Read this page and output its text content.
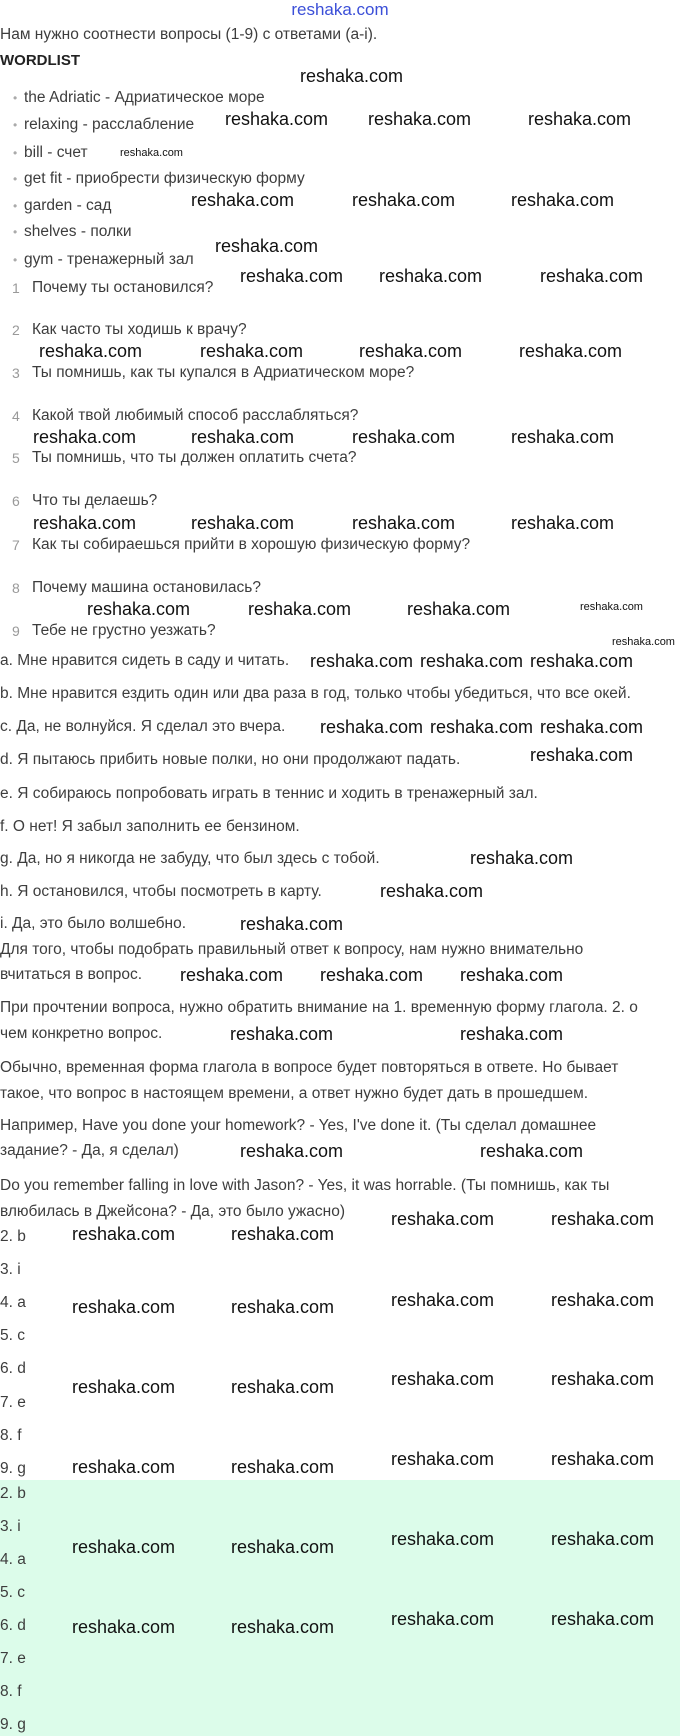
reshaka.com
Нам нужно соотнести вопросы (1-9) с ответами (a-i).
WORDLIST
• the Adriatic - Адриатическое море
• relaxing - расслабление
• bill - счет
• get fit - приобрести физическую форму
• garden - сад
• shelves - полки
• gym - тренажерный зал
1 Почему ты остановился?
2 Как часто ты ходишь к врачу?
3 Ты помнишь, как ты купался в Адриатическом море?
4 Какой твой любимый способ расслабляться?
5 Ты помнишь, что ты должен оплатить счета?
6 Что ты делаешь?
7 Как ты собираешься прийти в хорошую физическую форму?
8 Почему машина остановилась?
9 Тебе не грустно уезжать?
a. Мне нравится сидеть в саду и читать.
b. Мне нравится ездить один или два раза в год, только чтобы убедиться, что все окей.
c. Да, не волнуйся. Я сделал это вчера.
d. Я пытаюсь прибить новые полки, но они продолжают падать.
e. Я собираюсь попробовать играть в теннис и ходить в тренажерный зал.
f. О нет! Я забыл заполнить ее бензином.
g. Да, но я никогда не забуду, что был здесь с тобой.
h. Я остановился, чтобы посмотреть в карту.
i. Да, это было волшебно.
Для того, чтобы подобрать правильный ответ к вопросу, нам нужно внимательно
вчитаться в вопрос.
При прочтении вопроса, нужно обратить внимание на 1. временную форму глагола. 2. о
чем конкретно вопрос.
Обычно, временная форма глагола в вопросе будет повторяться в ответе. Но бывает
такое, что вопрос в настоящем времени, а ответ нужно будет дать в прошедшем.
Например, Have you done your homework? - Yes, I've done it. (Ты сделал домашнее
задание? - Да, я сделал)
Do you remember falling in love with Jason? - Yes, it was horrable. (Ты помнишь, как ты
влюбилась в Джейсона? - Да, это было ужасно)
2. b
3. i
4. a
5. c
6. d
7. e
8. f
9. g
2. b
3. i
4. a
5. c
6. d
7. e
8. f
9. g
reshaka.com
reshaka.com reshaka.com	reshaka.com
reshaka.com	reshaka.com	reshaka.com
reshaka.com
reshaka.com reshaka.com	reshaka.com
reshaka.com	reshaka.com	reshaka.com	reshaka.com
reshaka.com	reshaka.com	reshaka.com	reshaka.com
reshaka.com	reshaka.com	reshaka.com	reshaka.com
reshaka.com	reshaka.com	reshaka.com
reshaka.com reshaka.com reshaka.com
reshaka.com
reshaka.com reshaka.com reshaka.com
reshaka.com
reshaka.com
reshaka.com
reshaka.com reshaka.com reshaka.com
reshaka.com	reshaka.com
reshaka.com	reshaka.com
reshaka.com	reshaka.com
reshaka.com	reshaka.com
reshaka.com	reshaka.com	reshaka.com	reshaka.com
reshaka.com	reshaka.com	reshaka.com	reshaka.com
reshaka.com	reshaka.com	reshaka.com	reshaka.com
reshaka.com	reshaka.com	reshaka.com	reshaka.com
reshaka.com	reshaka.com	reshaka.com	reshaka.com
reshaka.com
reshaka.com
reshaka.com
